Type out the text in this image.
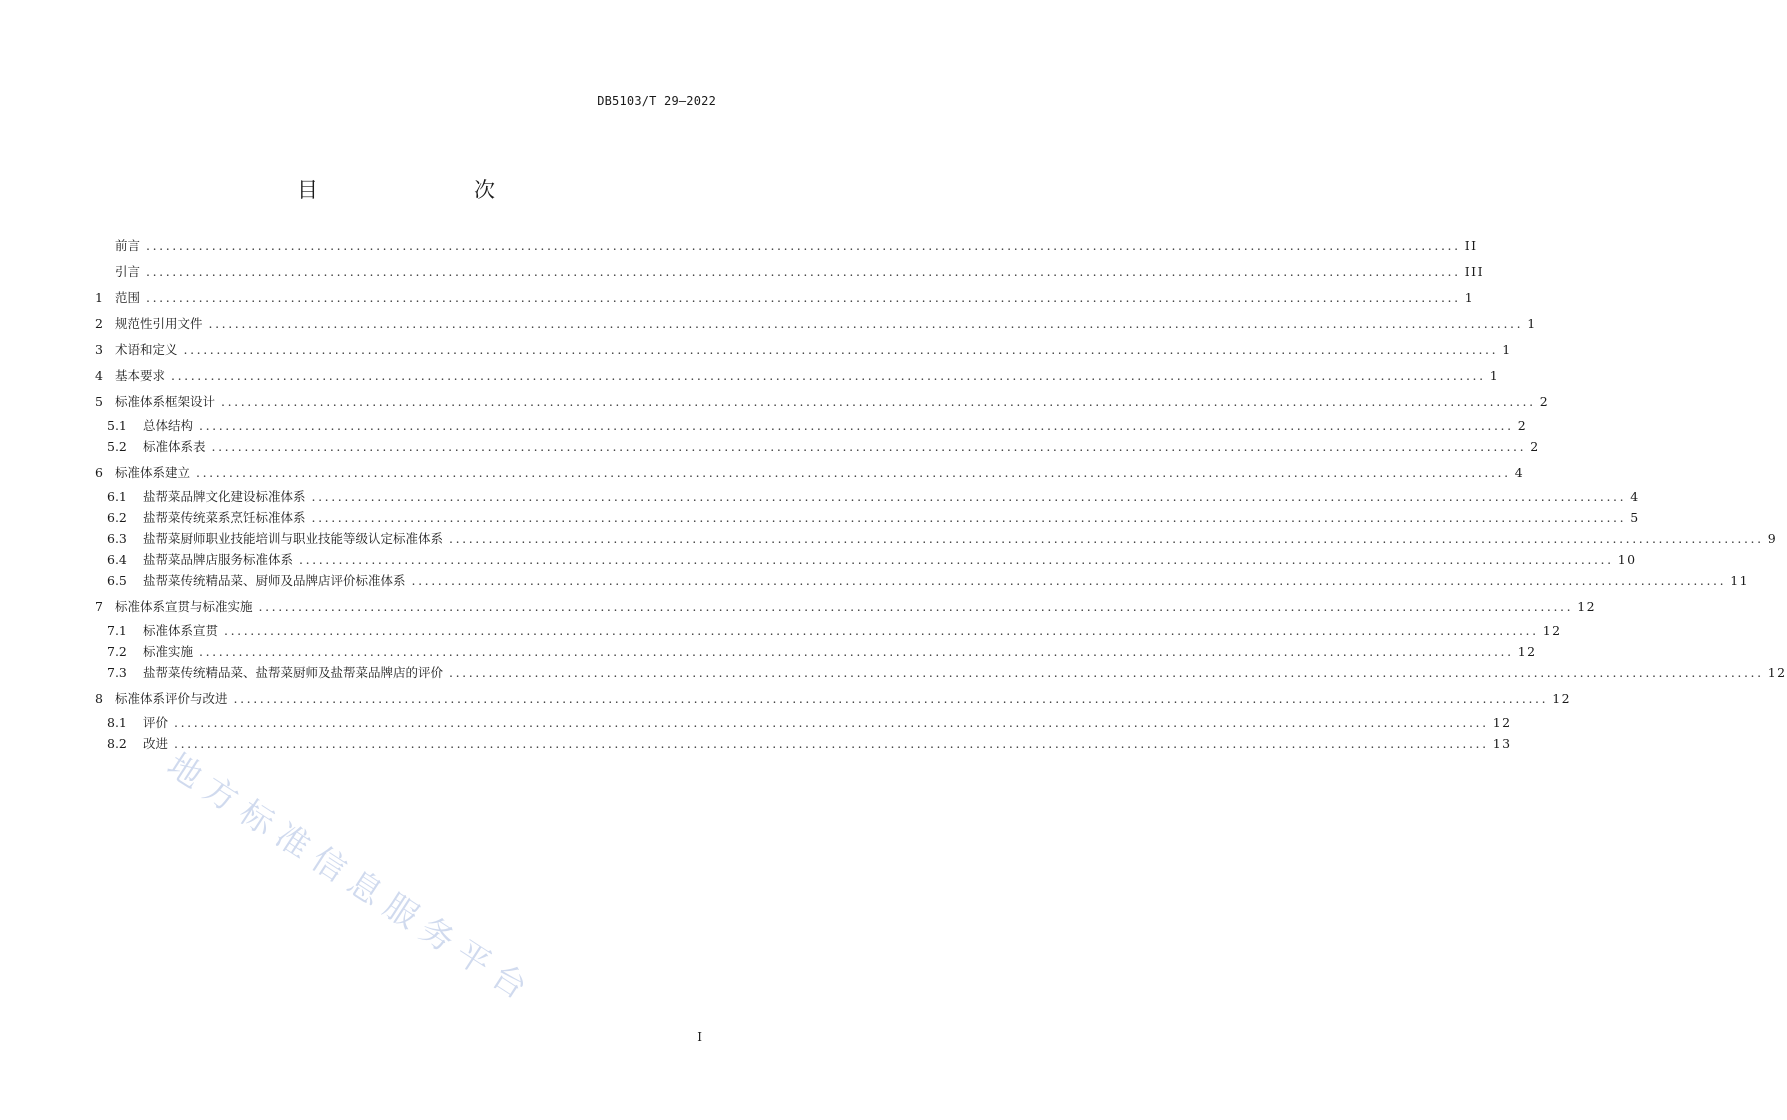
DB5103/T 29—2022
目　　次
前言 ........................................................................................................................................................................................................ II
引言 ........................................................................................................................................................................................................ III
1 范围 ........................................................................................................................................................................................................ 1
2 规范性引用文件 ........................................................................................................................................................................................................ 1
3 术语和定义 ........................................................................................................................................................................................................ 1
4 基本要求 ........................................................................................................................................................................................................ 1
5 标准体系框架设计 ........................................................................................................................................................................................................ 2
5.1	总体结构 ........................................................................................................................................................................................................ 2
5.2	标准体系表 ........................................................................................................................................................................................................ 2
6 标准体系建立 ........................................................................................................................................................................................................ 4
6.1	盐帮菜品牌文化建设标准体系 ........................................................................................................................................................................................................ 4
6.2	盐帮菜传统菜系烹饪标准体系 ........................................................................................................................................................................................................ 5
6.3	盐帮菜厨师职业技能培训与职业技能等级认定标准体系 ........................................................................................................................................................................................................ 9
6.4	盐帮菜品牌店服务标准体系 ........................................................................................................................................................................................................ 10
6.5	盐帮菜传统精品菜、厨师及品牌店评价标准体系 ........................................................................................................................................................................................................ 11
7 标准体系宣贯与标准实施 ........................................................................................................................................................................................................ 12
7.1	标准体系宣贯 ........................................................................................................................................................................................................ 12
7.2	标准实施 ........................................................................................................................................................................................................ 12
7.3	盐帮菜传统精品菜、盐帮菜厨师及盐帮菜品牌店的评价 ........................................................................................................................................................................................................ 12
8 标准体系评价与改进 ........................................................................................................................................................................................................ 12
8.1	评价 ........................................................................................................................................................................................................ 12
8.2	改进 ........................................................................................................................................................................................................ 13
I
地方标准信息服务平台
